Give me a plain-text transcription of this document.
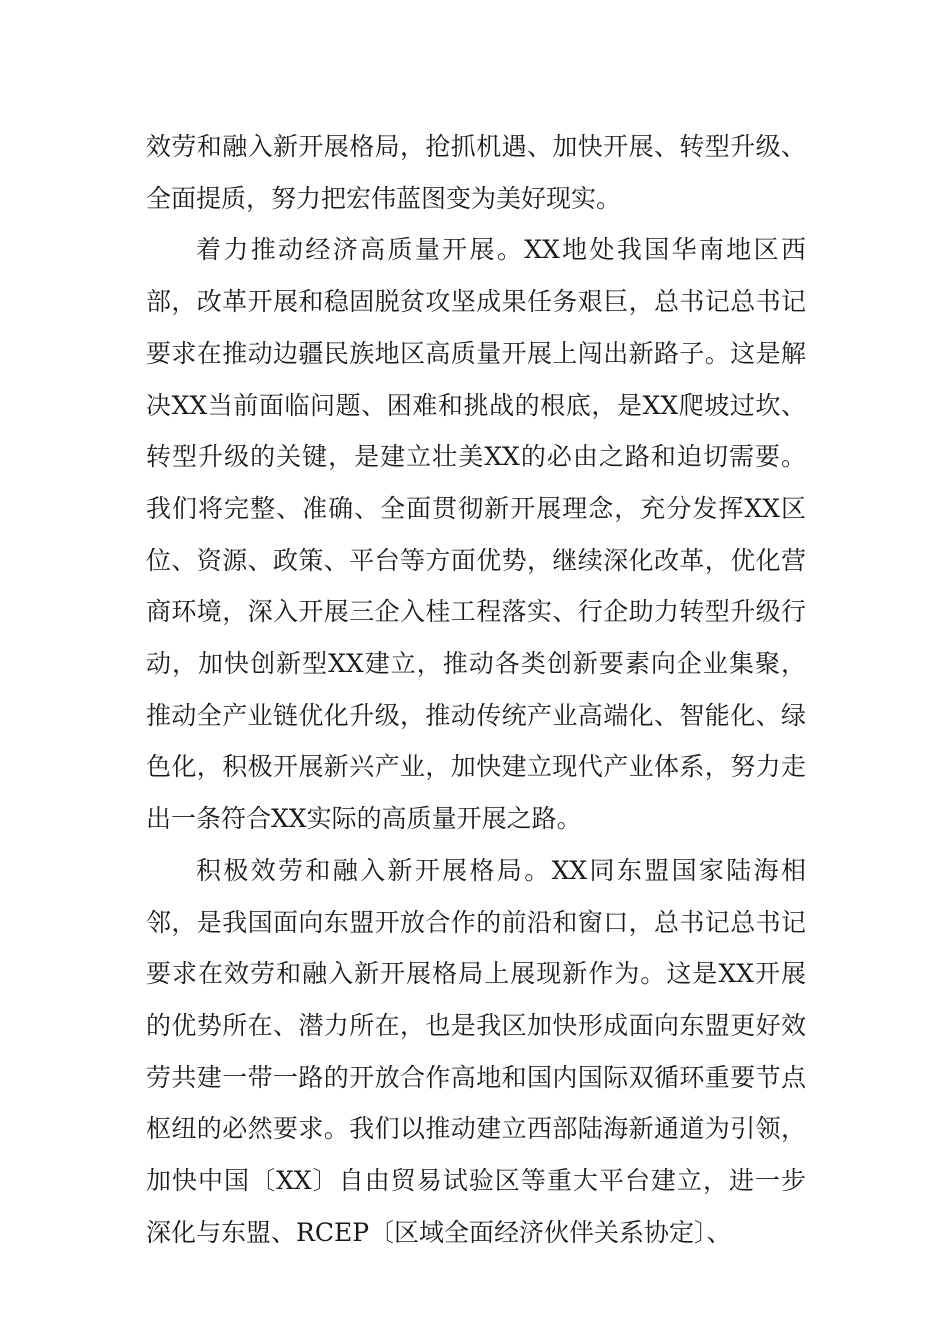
效劳和融入新开展格局，抢抓机遇、加快开展、转型升级、全面提质，努力把宏伟蓝图变为美好现实。

着力推动经济高质量开展。XX地处我国华南地区西部，改革开展和稳固脱贫攻坚成果任务艰巨，总书记总书记要求在推动边疆民族地区高质量开展上闯出新路子。这是解决XX当前面临问题、困难和挑战的根底，是XX爬坡过坎、转型升级的关键，是建立壮美XX的必由之路和迫切需要。我们将完整、准确、全面贯彻新开展理念，充分发挥XX区位、资源、政策、平台等方面优势，继续深化改革，优化营商环境，深入开展三企入桂工程落实、行企助力转型升级行动，加快创新型XX建立，推动各类创新要素向企业集聚，推动全产业链优化升级，推动传统产业高端化、智能化、绿色化，积极开展新兴产业，加快建立现代产业体系，努力走出一条符合XX实际的高质量开展之路。

积极效劳和融入新开展格局。XX同东盟国家陆海相邻，是我国面向东盟开放合作的前沿和窗口，总书记总书记要求在效劳和融入新开展格局上展现新作为。这是XX开展的优势所在、潜力所在，也是我区加快形成面向东盟更好效劳共建一带一路的开放合作高地和国内国际双循环重要节点枢纽的必然要求。我们以推动建立西部陆海新通道为引领，加快中国〔XX〕自由贸易试验区等重大平台建立，进一步深化与东盟、RCEP〔区域全面经济伙伴关系协定〕、
